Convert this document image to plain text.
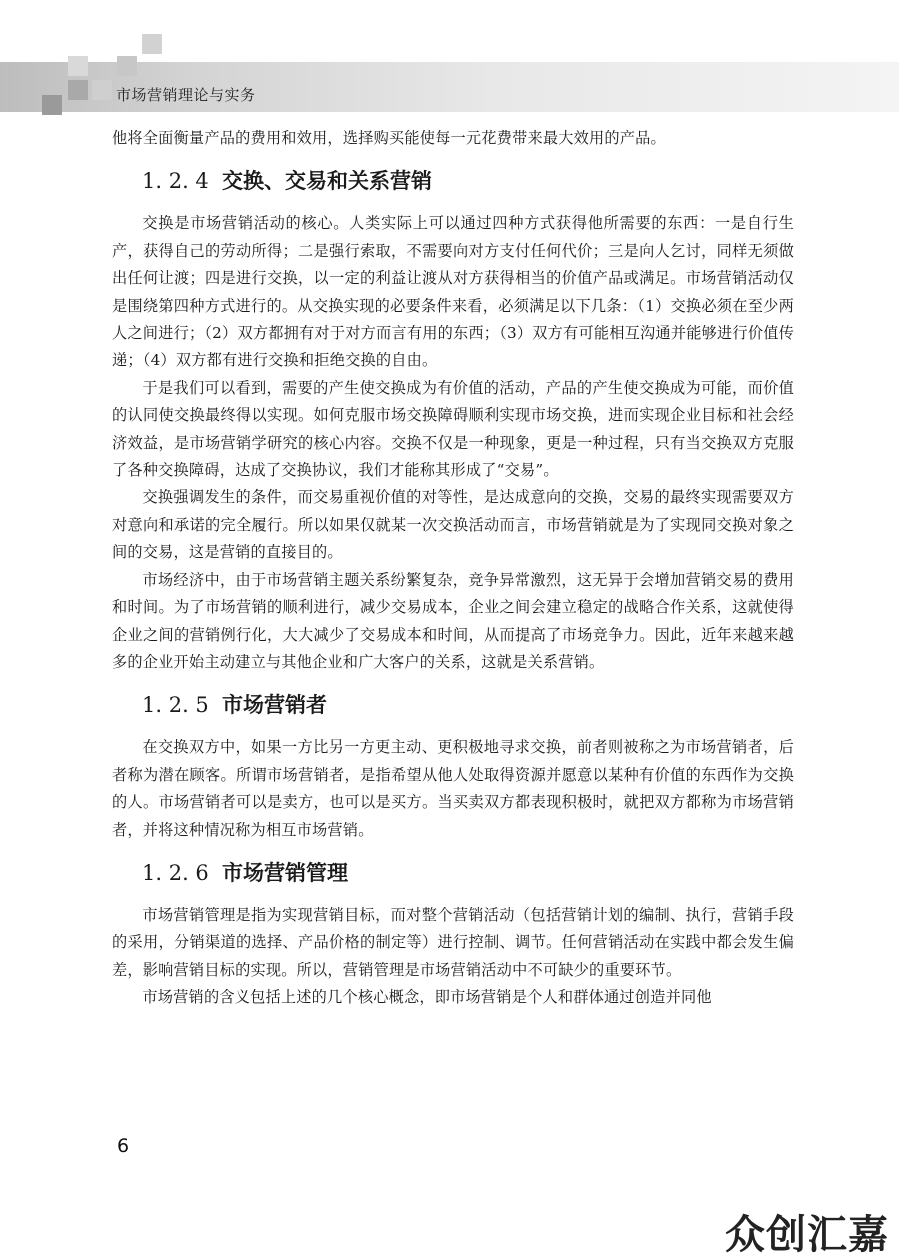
市场营销理论与实务

他将全面衡量产品的费用和效用，选择购买能使每一元花费带来最大效用的产品。

1. 2. 4 交换、交易和关系营销

交换是市场营销活动的核心。人类实际上可以通过四种方式获得他所需要的东西：一是自行生产，获得自己的劳动所得；二是强行索取，不需要向对方支付任何代价；三是向人乞讨，同样无须做出任何让渡；四是进行交换，以一定的利益让渡从对方获得相当的价值产品或满足。市场营销活动仅是围绕第四种方式进行的。从交换实现的必要条件来看，必须满足以下几条：（1）交换必须在至少两人之间进行；（2）双方都拥有对于对方而言有用的东西；（3）双方有可能相互沟通并能够进行价值传递；（4）双方都有进行交换和拒绝交换的自由。

于是我们可以看到，需要的产生使交换成为有价值的活动，产品的产生使交换成为可能，而价值的认同使交换最终得以实现。如何克服市场交换障碍顺利实现市场交换，进而实现企业目标和社会经济效益，是市场营销学研究的核心内容。交换不仅是一种现象，更是一种过程，只有当交换双方克服了各种交换障碍，达成了交换协议，我们才能称其形成了“交易”。

交换强调发生的条件，而交易重视价值的对等性，是达成意向的交换，交易的最终实现需要双方对意向和承诺的完全履行。所以如果仅就某一次交换活动而言，市场营销就是为了实现同交换对象之间的交易，这是营销的直接目的。

市场经济中，由于市场营销主题关系纷繁复杂，竞争异常激烈，这无异于会增加营销交易的费用和时间。为了市场营销的顺利进行，减少交易成本，企业之间会建立稳定的战略合作关系，这就使得企业之间的营销例行化，大大减少了交易成本和时间，从而提高了市场竞争力。因此，近年来越来越多的企业开始主动建立与其他企业和广大客户的关系，这就是关系营销。

1. 2. 5 市场营销者

在交换双方中，如果一方比另一方更主动、更积极地寻求交换，前者则被称之为市场营销者，后者称为潜在顾客。所谓市场营销者，是指希望从他人处取得资源并愿意以某种有价值的东西作为交换的人。市场营销者可以是卖方，也可以是买方。当买卖双方都表现积极时，就把双方都称为市场营销者，并将这种情况称为相互市场营销。

1. 2. 6 市场营销管理

市场营销管理是指为实现营销目标，而对整个营销活动（包括营销计划的编制、执行，营销手段的采用，分销渠道的选择、产品价格的制定等）进行控制、调节。任何营销活动在实践中都会发生偏差，影响营销目标的实现。所以，营销管理是市场营销活动中不可缺少的重要环节。

市场营销的含义包括上述的几个核心概念，即市场营销是个人和群体通过创造并同他

6
众创汇嘉
